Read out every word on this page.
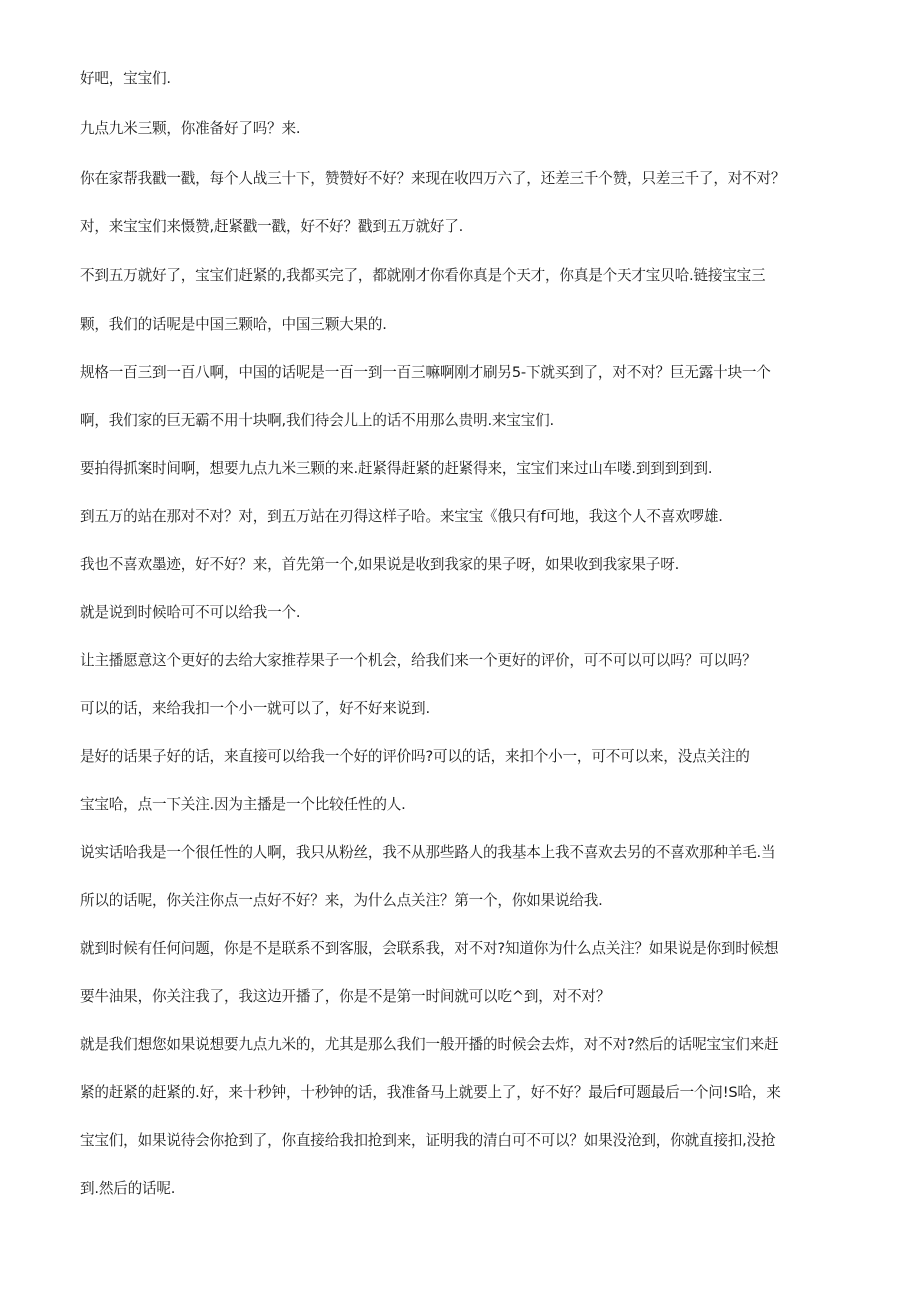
好吧，宝宝们.
九点九米三颗，你准备好了吗？来.
你在家帮我戳一戳，每个人战三十下，赞赞好不好？来现在收四万六了，还差三千个赞，只差三千了，对不对？
对，来宝宝们来慑赞,赶紧戳一戳，好不好？戳到五万就好了.
不到五万就好了，宝宝们赶紧的,我都买完了，都就刚才你看你真是个天才，你真是个天才宝贝哈.链接宝宝三
颗，我们的话呢是中国三颗哈，中国三颗大果的.
规格一百三到一百八啊，中国的话呢是一百一到一百三嘛啊刚才刷另5-下就买到了，对不对？巨无露十块一个
啊，我们家的巨无霸不用十块啊,我们待会儿上的话不用那么贵明.来宝宝们.
要拍得抓案时间啊，想要九点九米三颗的来.赶紧得赶紧的赶紧得来，宝宝们来过山车喽.到到到到到.
到五万的站在那对不对？对，到五万站在刃得这样子哈。来宝宝《俄只有f可地，我这个人不喜欢啰雄.
我也不喜欢墨迹，好不好？来，首先第一个,如果说是收到我家的果子呀，如果收到我家果子呀.
就是说到时候哈可不可以给我一个.
让主播愿意这个更好的去给大家推荐果子一个机会，给我们来一个更好的评价，可不可以可以吗？可以吗？
可以的话，来给我扣一个小一就可以了，好不好来说到.
是好的话果子好的话，来直接可以给我一个好的评价吗?可以的话，来扣个小一，可不可以来，没点关注的
宝宝哈，点一下关注.因为主播是一个比较任性的人.
说实话哈我是一个很任性的人啊，我只从粉丝，我不从那些路人的我基本上我不喜欢去另的不喜欢那种羊毛.当
所以的话呢，你关注你点一点好不好？来，为什么点关注？第一个，你如果说给我.
就到时候有任何问题，你是不是联系不到客服，会联系我，对不对?知道你为什么点关注？如果说是你到时候想
要牛油果，你关注我了，我这边开播了，你是不是第一时间就可以吃^到，对不对？
就是我们想您如果说想要九点九米的，尤其是那么我们一般开播的时候会去炸，对不对?然后的话呢宝宝们来赶
紧的赶紧的赶紧的.好，来十秒钟，十秒钟的话，我准备马上就要上了，好不好？最后f可题最后一个问!S哈，来
宝宝们，如果说待会你抢到了，你直接给我扣抢到来，证明我的清白可不可以？如果没沧到，你就直接扣,没抢
到.然后的话呢.
